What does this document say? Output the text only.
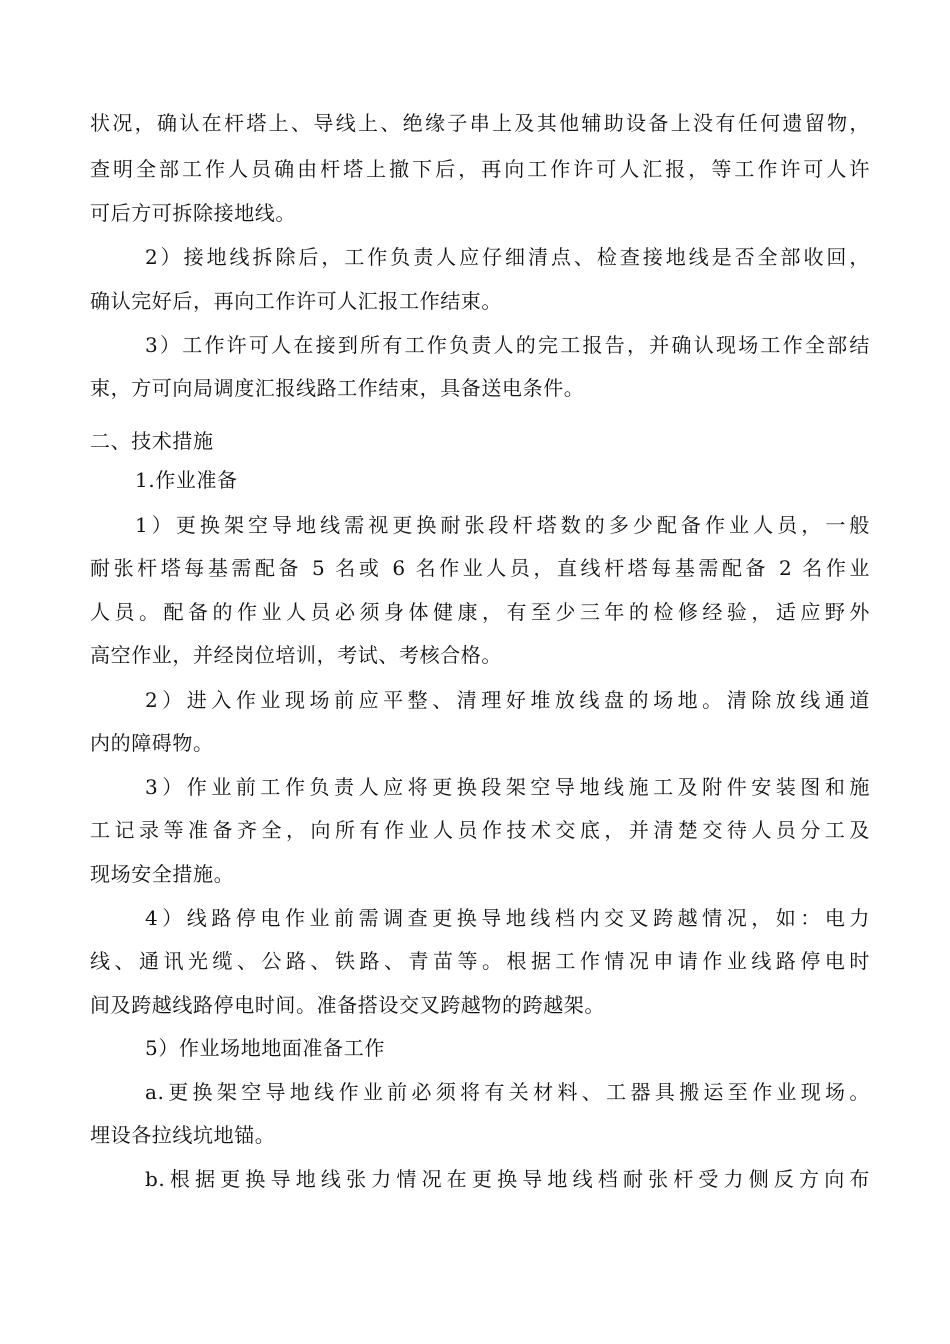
状况，确认在杆塔上、导线上、绝缘子串上及其他辅助设备上没有任何遗留物，
查明全部工作人员确由杆塔上撤下后，再向工作许可人汇报，等工作许可人许
可后方可拆除接地线。
2）接地线拆除后，工作负责人应仔细清点、检查接地线是否全部收回，
确认完好后，再向工作许可人汇报工作结束。
3）工作许可人在接到所有工作负责人的完工报告，并确认现场工作全部结
束，方可向局调度汇报线路工作结束，具备送电条件。
二、技术措施
1.作业准备
1）更换架空导地线需视更换耐张段杆塔数的多少配备作业人员，一般
耐张杆塔每基需配备 5 名或 6 名作业人员，直线杆塔每基需配备 2 名作业
人员。配备的作业人员必须身体健康，有至少三年的检修经验，适应野外
高空作业，并经岗位培训，考试、考核合格。
2）进入作业现场前应平整、清理好堆放线盘的场地。清除放线通道
内的障碍物。
3）作业前工作负责人应将更换段架空导地线施工及附件安装图和施
工记录等准备齐全，向所有作业人员作技术交底，并清楚交待人员分工及
现场安全措施。
4）线路停电作业前需调查更换导地线档内交叉跨越情况，如：电力
线、通讯光缆、公路、铁路、青苗等。根据工作情况申请作业线路停电时
间及跨越线路停电时间。准备搭设交叉跨越物的跨越架。
5）作业场地地面准备工作
a.更换架空导地线作业前必须将有关材料、工器具搬运至作业现场。
埋设各拉线坑地锚。
b.根据更换导地线张力情况在更换导地线档耐张杆受力侧反方向布
